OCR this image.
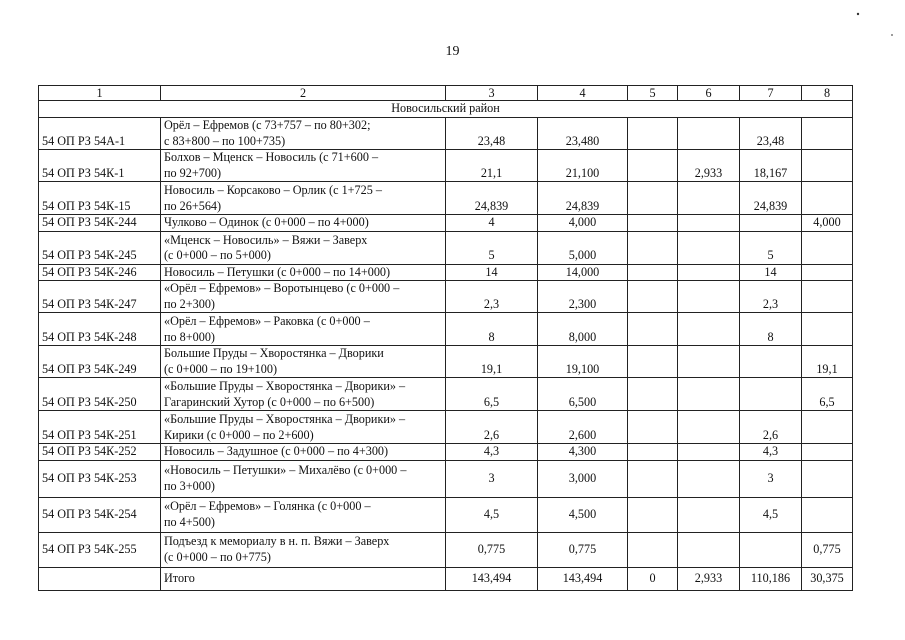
19
1	2	3	4	5	6	7	8
Новосильский район							
54 ОП РЗ 54А-1	Орёл – Ефремов (с 73+757 – по 80+302;
с 83+800 – по 100+735)	23,48	23,480			23,48	
54 ОП РЗ 54К-1	Болхов – Мценск – Новосиль (с 71+600 –
по 92+700)	21,1	21,100		2,933	18,167	
54 ОП РЗ 54К-15	Новосиль – Корсаково – Орлик (с 1+725 –
по 26+564)	24,839	24,839			24,839	
54 ОП РЗ 54К-244	Чулково – Одинок (с 0+000 – по 4+000)	4	4,000				4,000
54 ОП РЗ 54К-245	«Мценск – Новосиль» – Вяжи – Заверх
(с 0+000 – по 5+000)	5	5,000			5	
54 ОП РЗ 54К-246	Новосиль – Петушки (с 0+000 – по 14+000)	14	14,000			14	
54 ОП РЗ 54К-247	«Орёл – Ефремов» – Воротынцево (с 0+000 –
по 2+300)	2,3	2,300			2,3	
54 ОП РЗ 54К-248	«Орёл – Ефремов» – Раковка (с 0+000 –
по 8+000)	8	8,000			8	
54 ОП РЗ 54К-249	Большие Пруды – Хворостянка – Дворики
(с 0+000 – по 19+100)	19,1	19,100				19,1
54 ОП РЗ 54К-250	«Большие Пруды – Хворостянка – Дворики» –
Гагаринский Хутор (с 0+000 – по 6+500)	6,5	6,500				6,5
54 ОП РЗ 54К-251	«Большие Пруды – Хворостянка – Дворики» –
Кирики (с 0+000 – по 2+600)	2,6	2,600			2,6	
54 ОП РЗ 54К-252	Новосиль – Задушное (с 0+000 – по 4+300)	4,3	4,300			4,3	
54 ОП РЗ 54К-253	«Новосиль – Петушки» – Михалёво (с 0+000 –
по 3+000)	3	3,000			3	
54 ОП РЗ 54К-254	«Орёл – Ефремов» – Голянка (с 0+000 –
по 4+500)	4,5	4,500			4,5	
54 ОП РЗ 54К-255	Подъезд к мемориалу в н. п. Вяжи – Заверх
(с 0+000 – по 0+775)	0,775	0,775				0,775
	Итого	143,494	143,494	0	2,933	110,186	30,375
